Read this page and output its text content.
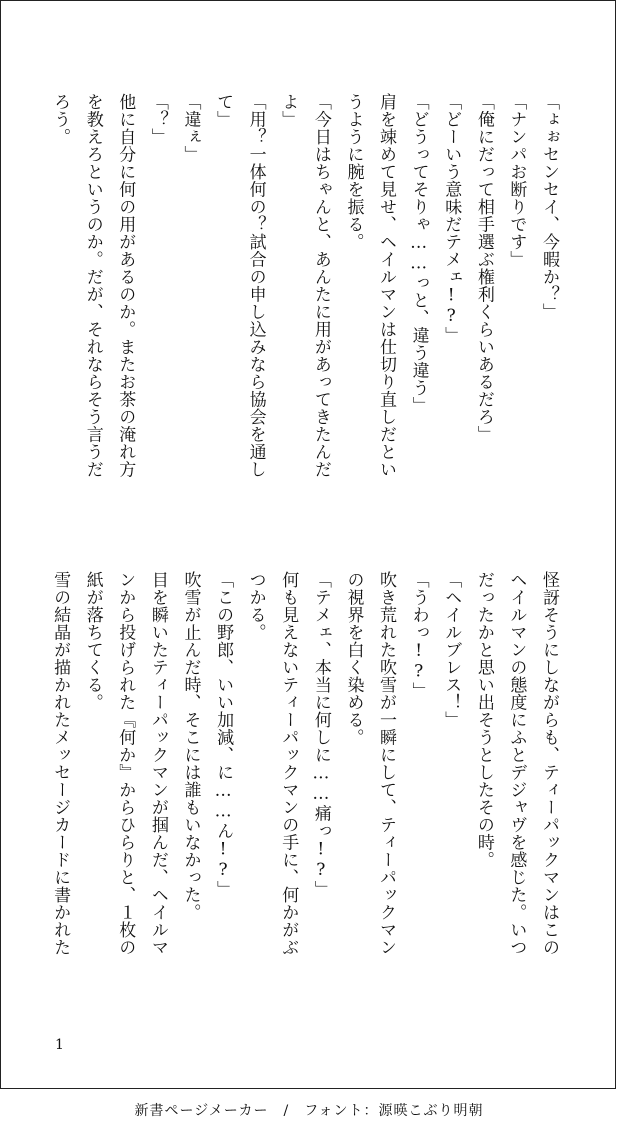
「ょぉセンセイ、今暇か？」

「ナンパお断りです」

「俺にだって相手選ぶ権利くらいあるだろ」

「どーいう意味だテメェ!?」

「どうってそりゃ……っと、違う違う」

肩を竦めて見せ、ヘイルマンは仕切り直しだとい

うように腕を振る。

「今日はちゃんと、あんたに用があってきたんだ

よ」

「用？一体何の？試合の申し込みなら協会を通し

て」

「違ぇ」

「？」

他に自分に何の用があるのか。またお茶の淹れ方

を教えろというのか。だが、それならそう言うだ

ろう。

怪訝そうにしながらも、ティーパックマンはこの

ヘイルマンの態度にふとデジャヴを感じた。いつ

だったかと思い出そうとしたその時。

「ヘイルブレス！」

「うわっ!?」

吹き荒れた吹雪が一瞬にして、ティーパックマン

の視界を白く染める。

「テメェ、本当に何しに……痛っ!?」

何も見えないティーパックマンの手に、何かがぶ

つかる。

「この野郎、いい加減、に……ん!?」

吹雪が止んだ時、そこには誰もいなかった。

目を瞬いたティーパックマンが掴んだ、ヘイルマ

ンから投げられた『何か』からひらりと、１枚の

紙が落ちてくる。

雪の結晶が描かれたメッセージカードに書かれた

1
新書ページメーカー　/　フォント：源暎こぶり明朝
